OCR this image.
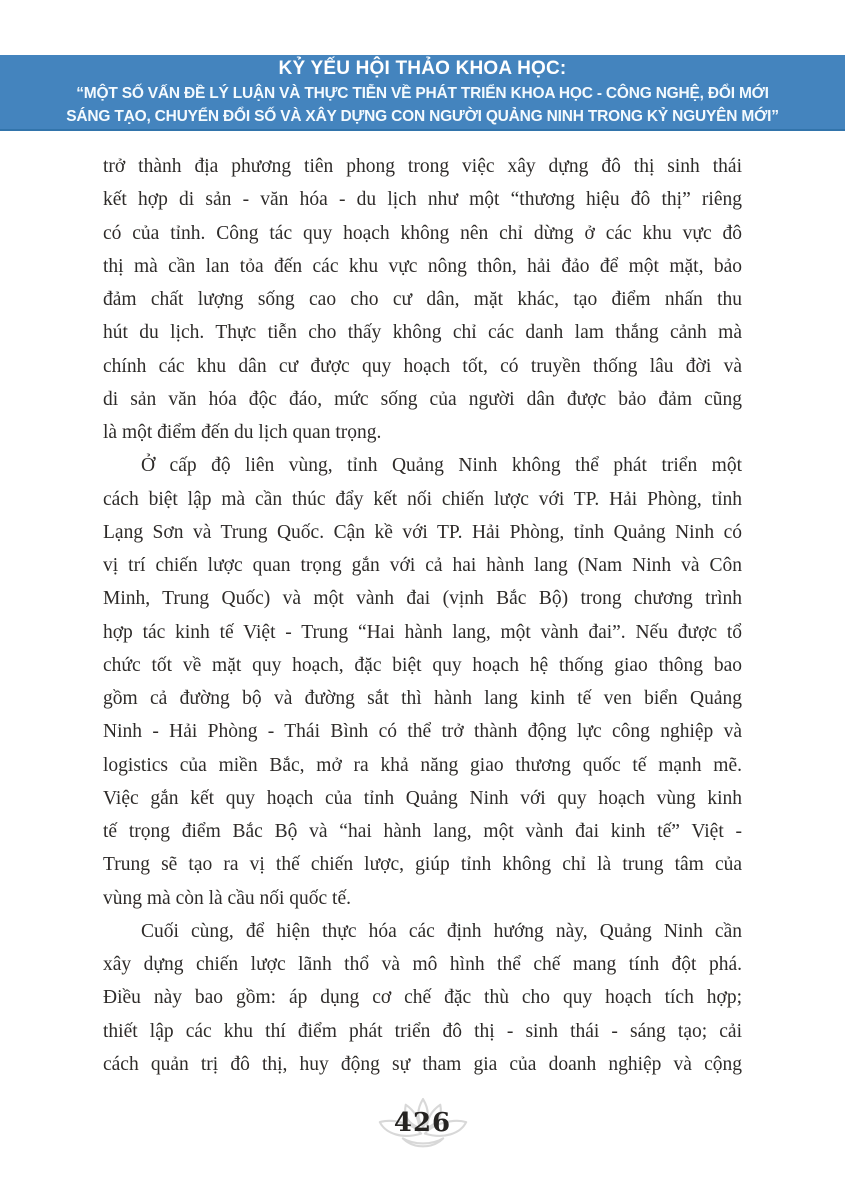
KỶ YẾU HỘI THẢO KHOA HỌC:
“MỘT SỐ VẤN ĐỀ LÝ LUẬN VÀ THỰC TIỄN VỀ PHÁT TRIỂN KHOA HỌC - CÔNG NGHỆ, ĐỔI MỚI
SÁNG TẠO, CHUYỂN ĐỔI SỐ VÀ XÂY DỰNG CON NGƯỜI QUẢNG NINH TRONG KỶ NGUYÊN MỚI”
trở thành địa phương tiên phong trong việc xây dựng đô thị sinh thái
kết hợp di sản - văn hóa - du lịch như một “thương hiệu đô thị” riêng
có của tỉnh. Công tác quy hoạch không nên chỉ dừng ở các khu vực đô
thị mà cần lan tỏa đến các khu vực nông thôn, hải đảo để một mặt, bảo
đảm chất lượng sống cao cho cư dân, mặt khác, tạo điểm nhấn thu
hút du lịch. Thực tiễn cho thấy không chỉ các danh lam thắng cảnh mà
chính các khu dân cư được quy hoạch tốt, có truyền thống lâu đời và
di sản văn hóa độc đáo, mức sống của người dân được bảo đảm cũng
là một điểm đến du lịch quan trọng.
Ở cấp độ liên vùng, tỉnh Quảng Ninh không thể phát triển một
cách biệt lập mà cần thúc đẩy kết nối chiến lược với TP. Hải Phòng, tỉnh
Lạng Sơn và Trung Quốc. Cận kề với TP. Hải Phòng, tỉnh Quảng Ninh có
vị trí chiến lược quan trọng gắn với cả hai hành lang (Nam Ninh và Côn
Minh, Trung Quốc) và một vành đai (vịnh Bắc Bộ) trong chương trình
hợp tác kinh tế Việt - Trung “Hai hành lang, một vành đai”. Nếu được tổ
chức tốt về mặt quy hoạch, đặc biệt quy hoạch hệ thống giao thông bao
gồm cả đường bộ và đường sắt thì hành lang kinh tế ven biển Quảng
Ninh - Hải Phòng - Thái Bình có thể trở thành động lực công nghiệp và
logistics của miền Bắc, mở ra khả năng giao thương quốc tế mạnh mẽ.
Việc gắn kết quy hoạch của tỉnh Quảng Ninh với quy hoạch vùng kinh
tế trọng điểm Bắc Bộ và “hai hành lang, một vành đai kinh tế” Việt -
Trung sẽ tạo ra vị thế chiến lược, giúp tỉnh không chỉ là trung tâm của
vùng mà còn là cầu nối quốc tế.
Cuối cùng, để hiện thực hóa các định hướng này, Quảng Ninh cần
xây dựng chiến lược lãnh thổ và mô hình thể chế mang tính đột phá.
Điều này bao gồm: áp dụng cơ chế đặc thù cho quy hoạch tích hợp;
thiết lập các khu thí điểm phát triển đô thị - sinh thái - sáng tạo; cải
cách quản trị đô thị, huy động sự tham gia của doanh nghiệp và cộng
426
